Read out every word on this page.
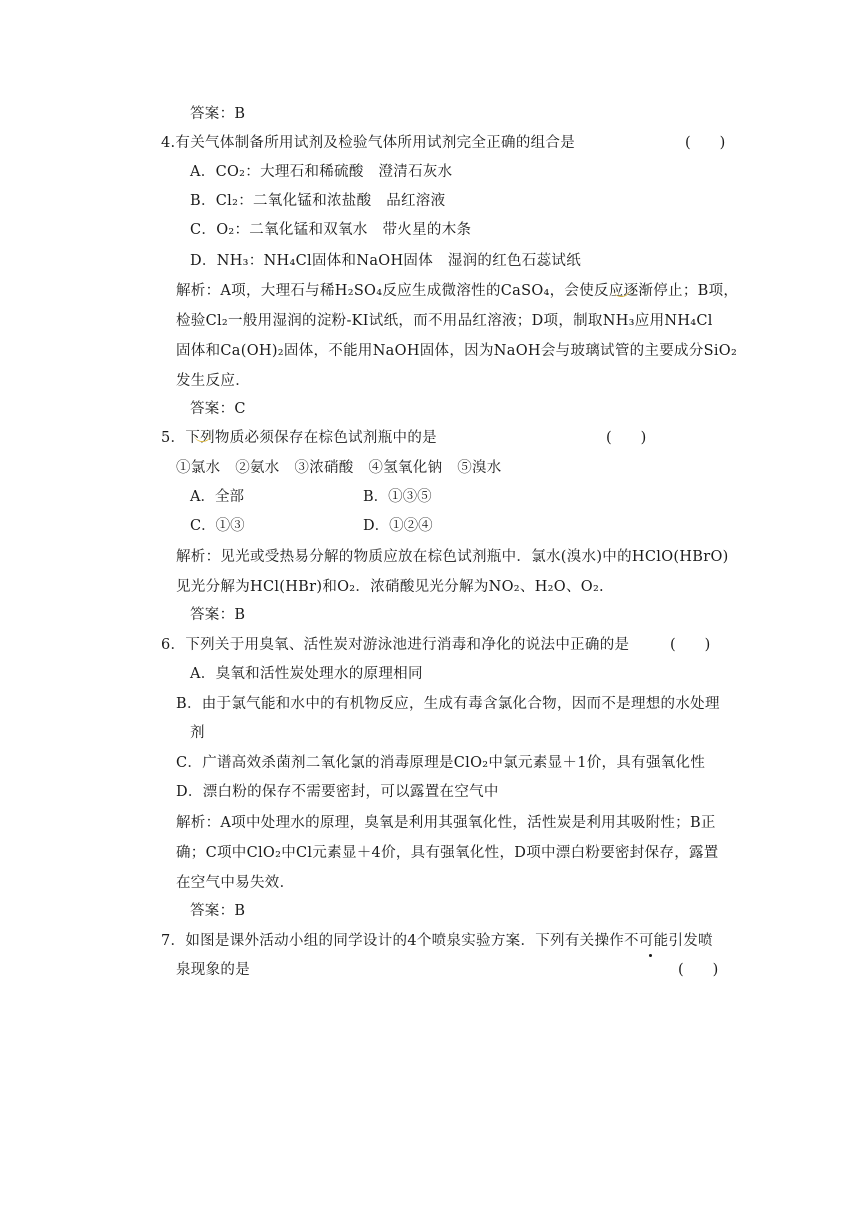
答案：B
4.有关气体制备所用试剂及检验气体所用试剂完全正确的组合是	(　　)
A．CO₂：大理石和稀硫酸　澄清石灰水
B．Cl₂：二氧化锰和浓盐酸　品红溶液
C．O₂：二氧化锰和双氧水　带火星的木条
D．NH₃：NH₄Cl固体和NaOH固体　湿润的红色石蕊试纸
解析：A项，大理石与稀H₂SO₄反应生成微溶性的CaSO₄，会使反应逐渐停止；B项，
检验Cl₂一般用湿润的淀粉-KI试纸，而不用品红溶液；D项，制取NH₃应用NH₄Cl
固体和Ca(OH)₂固体，不能用NaOH固体，因为NaOH会与玻璃试管的主要成分SiO₂
发生反应．
答案：C
5．下列物质必须保存在棕色试剂瓶中的是	(　　)
①氯水　②氨水　③浓硝酸　④氢氧化钠　⑤溴水
A．全部	B．①③⑤
C．①③	D．①②④
解析：见光或受热易分解的物质应放在棕色试剂瓶中．氯水(溴水)中的HClO(HBrO)
见光分解为HCl(HBr)和O₂．浓硝酸见光分解为NO₂、H₂O、O₂.
答案：B
6．下列关于用臭氧、活性炭对游泳池进行消毒和净化的说法中正确的是	(　　)
A．臭氧和活性炭处理水的原理相同
B．由于氯气能和水中的有机物反应，生成有毒含氯化合物，因而不是理想的水处理
剂
C．广谱高效杀菌剂二氧化氯的消毒原理是ClO₂中氯元素显＋1价，具有强氧化性
D．漂白粉的保存不需要密封，可以露置在空气中
解析：A项中处理水的原理，臭氧是利用其强氧化性，活性炭是利用其吸附性；B正
确；C项中ClO₂中Cl元素显＋4价，具有强氧化性，D项中漂白粉要密封保存，露置
在空气中易失效．
答案：B
7．如图是课外活动小组的同学设计的4个喷泉实验方案．下列有关操作不可能引发喷
泉现象的是	(　　)
